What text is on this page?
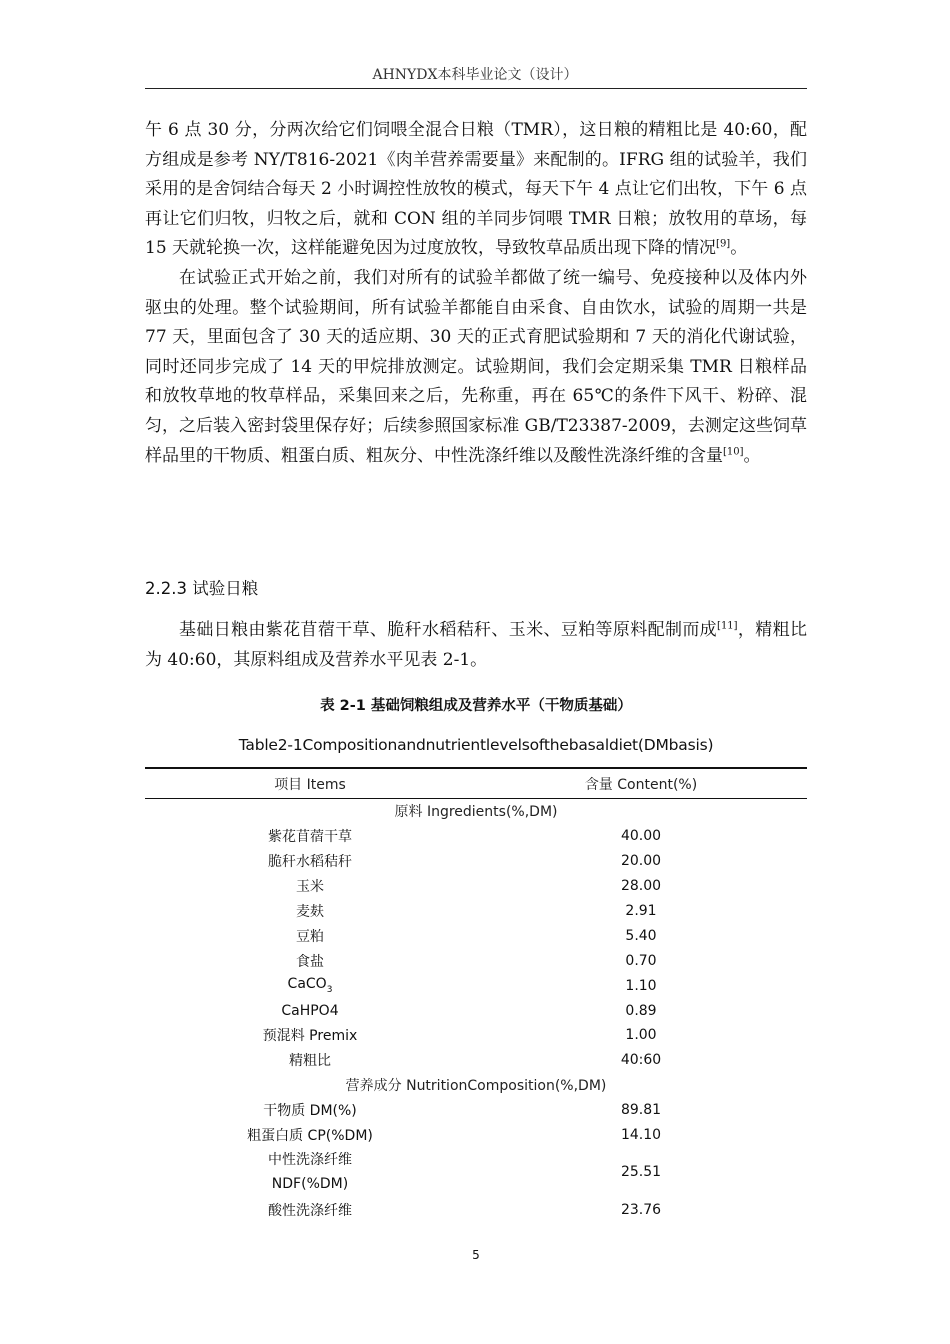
AHNYDX本科毕业论文（设计）

午 6 点 30 分，分两次给它们饲喂全混合日粮（TMR），这日粮的精粗比是 40:60，配方组成是参考 NY/T816-2021《肉羊营养需要量》来配制的。IFRG 组的试验羊，我们采用的是舍饲结合每天 2 小时调控性放牧的模式，每天下午 4 点让它们出牧，下午 6 点再让它们归牧，归牧之后，就和 CON 组的羊同步饲喂 TMR 日粮；放牧用的草场，每 15 天就轮换一次，这样能避免因为过度放牧，导致牧草品质出现下降的情况[9]。

在试验正式开始之前，我们对所有的试验羊都做了统一编号、免疫接种以及体内外驱虫的处理。整个试验期间，所有试验羊都能自由采食、自由饮水，试验的周期一共是 77 天，里面包含了 30 天的适应期、30 天的正式育肥试验期和 7 天的消化代谢试验，同时还同步完成了 14 天的甲烷排放测定。试验期间，我们会定期采集 TMR 日粮样品和放牧草地的牧草样品，采集回来之后，先称重，再在 65℃的条件下风干、粉碎、混匀，之后装入密封袋里保存好；后续参照国家标准 GB/T23387-2009，去测定这些饲草样品里的干物质、粗蛋白质、粗灰分、中性洗涤纤维以及酸性洗涤纤维的含量[10]。

2.2.3 试验日粮

基础日粮由紫花苜蓿干草、脆秆水稻秸秆、玉米、豆粕等原料配制而成[11]，精粗比为 40:60，其原料组成及营养水平见表 2-1。

表 2-1 基础饲粮组成及营养水平（干物质基础）
Table2-1Compositionandnutrientlevelsofthebasaldiet(DMbasis)
项目 Items	含量 Content(%)
原料 Ingredients(%,DM)	
紫花苜蓿干草	40.00
脆秆水稻秸秆	20.00
玉米	28.00
麦麸	2.91
豆粕	5.40
食盐	0.70
CaCO$_3$	1.10
CaHPO4	0.89
预混料 Premix	1.00
精粗比	40:60
营养成分 NutritionComposition(%,DM)	
干物质 DM(%)	89.81
粗蛋白质 CP(%DM)	14.10
中性洗涤纤维
NDF(%DM)	25.51
酸性洗涤纤维	23.76
5
